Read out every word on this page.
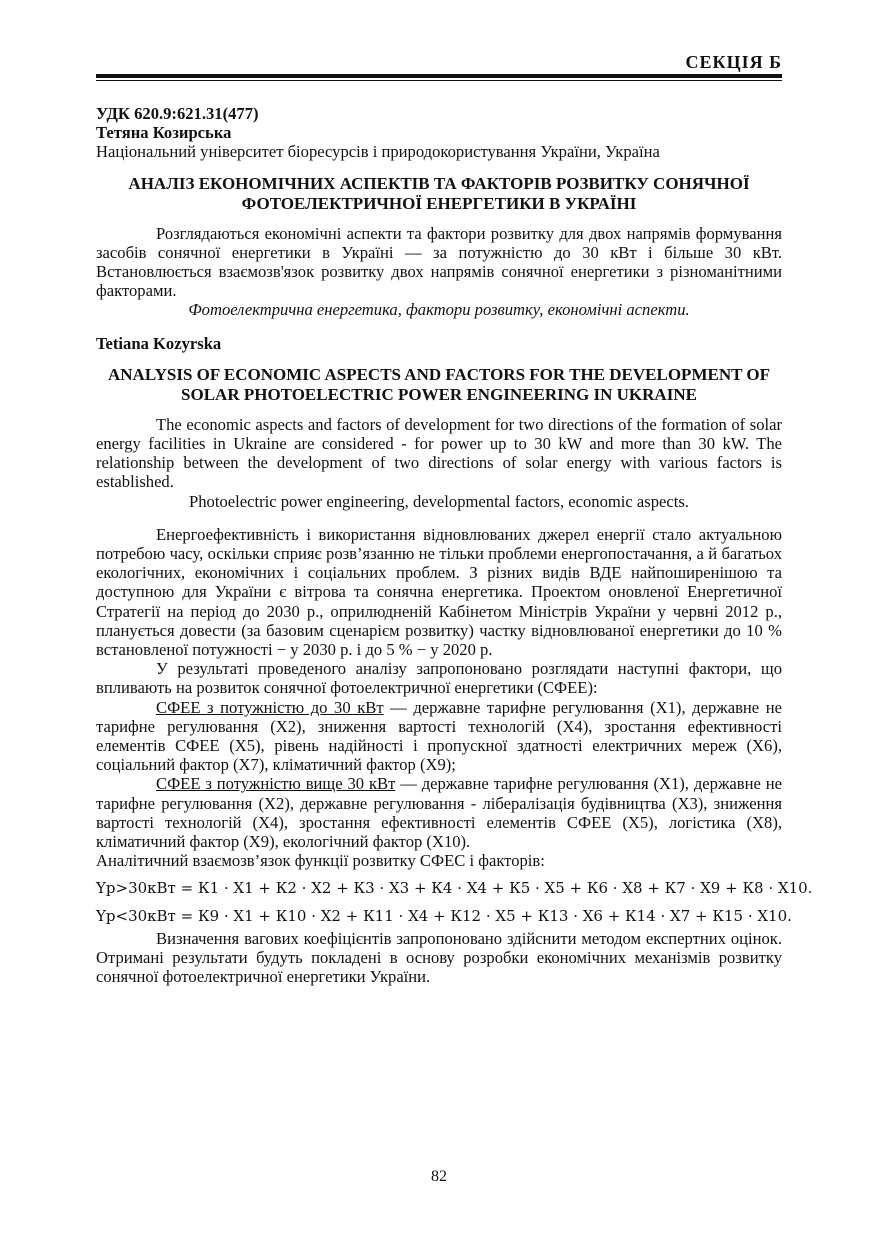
СЕКЦІЯ Б

УДК 620.9:621.31(477)

Тетяна Козирська

Національний університет біоресурсів і природокористування України, Україна

АНАЛІЗ ЕКОНОМІЧНИХ АСПЕКТІВ ТА ФАКТОРІВ РОЗВИТКУ СОНЯЧНОЇ ФОТОЕЛЕКТРИЧНОЇ ЕНЕРГЕТИКИ В УКРАЇНІ

Розглядаються економічні аспекти та фактори розвитку для двох напрямів формування засобів сонячної енергетики в Україні — за потужністю до 30 кВт і більше 30 кВт. Встановлюється взаємозв'язок розвитку двох напрямів сонячної енергетики з різноманітними факторами.

Фотоелектрична енергетика, фактори розвитку, економічні аспекти.

Tetiana Kozyrska

ANALYSIS OF ECONOMIC ASPECTS AND FACTORS FOR THE DEVELOPMENT OF SOLAR PHOTOELECTRIC POWER ENGINEERING IN UKRAINE

The economic aspects and factors of development for two directions of the formation of solar energy facilities in Ukraine are considered - for power up to 30 kW and more than 30 kW. The relationship between the development of two directions of solar energy with various factors is established.

Photoelectric power engineering, developmental factors, economic aspects.

Енергоефективність і використання відновлюваних джерел енергії стало актуальною потребою часу, оскільки сприяє розв’язанню не тільки проблеми енергопостачання, а й багатьох екологічних, економічних і соціальних проблем. З різних видів ВДЕ найпоширенішою та доступною для України є вітрова та сонячна енергетика. Проектом оновленої Енергетичної Стратегії на період до 2030 р., оприлюдненій Кабінетом Міністрів України у червні 2012 р., планується довести (за базовим сценарієм розвитку) частку відновлюваної енергетики до 10 % встановленої потужності − у 2030 р. і до 5 % − у 2020 р.

У результаті проведеного аналізу запропоновано розглядати наступні фактори, що впливають на розвиток сонячної фотоелектричної енергетики (СФЕЕ):

СФЕЕ з потужністю до 30 кВт — державне тарифне регулювання (X1), державне не тарифне регулювання (X2), зниження вартості технологій (X4), зростання ефективності елементів СФЕЕ (X5), рівень надійності і пропускної здатності електричних мереж (X6), соціальний фактор (X7), кліматичний фактор (X9);

СФЕЕ з потужністю вище 30 кВт — державне тарифне регулювання (X1), державне не тарифне регулювання (X2), державне регулювання - лібералізація будівництва (X3), зниження вартості технологій (X4), зростання ефективності елементів СФЕЕ (X5), логістика (X8), кліматичний фактор (X9), екологічний фактор (X10).

Аналітичний взаємозв’язок функції розвитку СФЕС і факторів:

Yр>30кВт = К1 · X1 + К2 · X2 + К3 · X3 + К4 · X4 + К5 · X5 + К6 · X8 + К7 · X9 + К8 · X10.

Yр<30кВт = К9 · X1 + К10 · X2 + К11 · X4 + К12 · X5 + К13 · X6 + К14 · X7 + К15 · X10.

Визначення вагових коефіцієнтів запропоновано здійснити методом експертних оцінок. Отримані результати будуть покладені в основу розробки економічних механізмів розвитку сонячної фотоелектричної енергетики України.

82
